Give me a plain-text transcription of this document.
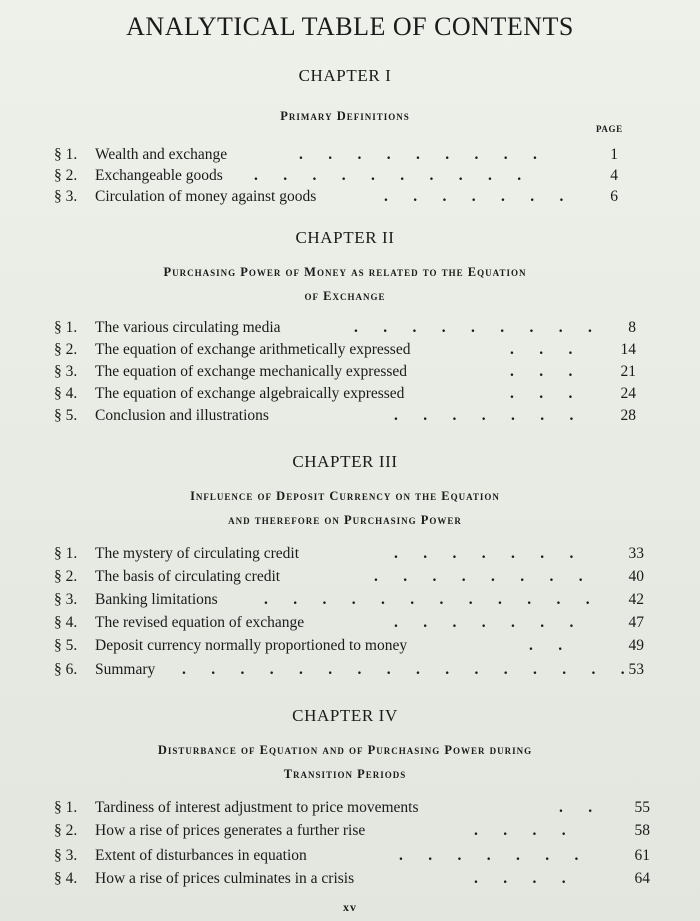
ANALYTICAL TABLE OF CONTENTS
CHAPTER I
Primary Definitions
PAGE
§ 1.	Wealth and exchange	.     .     .     .     .     .     .     .     .	1
§ 2.	Exchangeable goods .     .     .     .     .     .     .     .     .     .	4
§ 3.	Circulation of money against goods	.     .     .     .     .     .     .	6
CHAPTER II
Purchasing Power of Money as related to the Equation
of Exchange
§ 1.	The various circulating media	.     .     .     .     .     .     .     .     .	8
§ 2.	The equation of exchange arithmetically expressed	.     .     .	14
§ 3.	The equation of exchange mechanically expressed	.     .     .	21
§ 4.	The equation of exchange algebraically expressed	.     .     .	24
§ 5.	Conclusion and illustrations	.     .     .     .     .     .     .	28
CHAPTER III
Influence of Deposit Currency on the Equation
and therefore on Purchasing Power
§ 1.	The mystery of circulating credit	.     .     .     .     .     .     .	33
§ 2.	The basis of circulating credit	.     .     .     .     .     .     .     .	40
§ 3.	Banking limitations	.     .     .     .     .     .     .     .     .     .     .     .	42
§ 4.	The revised equation of exchange	.     .     .     .     .     .     .	47
§ 5.	Deposit currency normally proportioned to money	.     .	49
§ 6.	Summary .     .     .     .     .     .     .     .     .     .     .     .     .     .     .     . 53
CHAPTER IV
Disturbance of Equation and of Purchasing Power during
Transition Periods
§ 1.	Tardiness of interest adjustment to price movements	.     .	55
§ 2.	How a rise of prices generates a further rise	.     .     .     .	58
§ 3.	Extent of disturbances in equation	.     .     .     .     .     .     .	61
§ 4.	How a rise of prices culminates in a crisis	.     .     .     .	64
xv
